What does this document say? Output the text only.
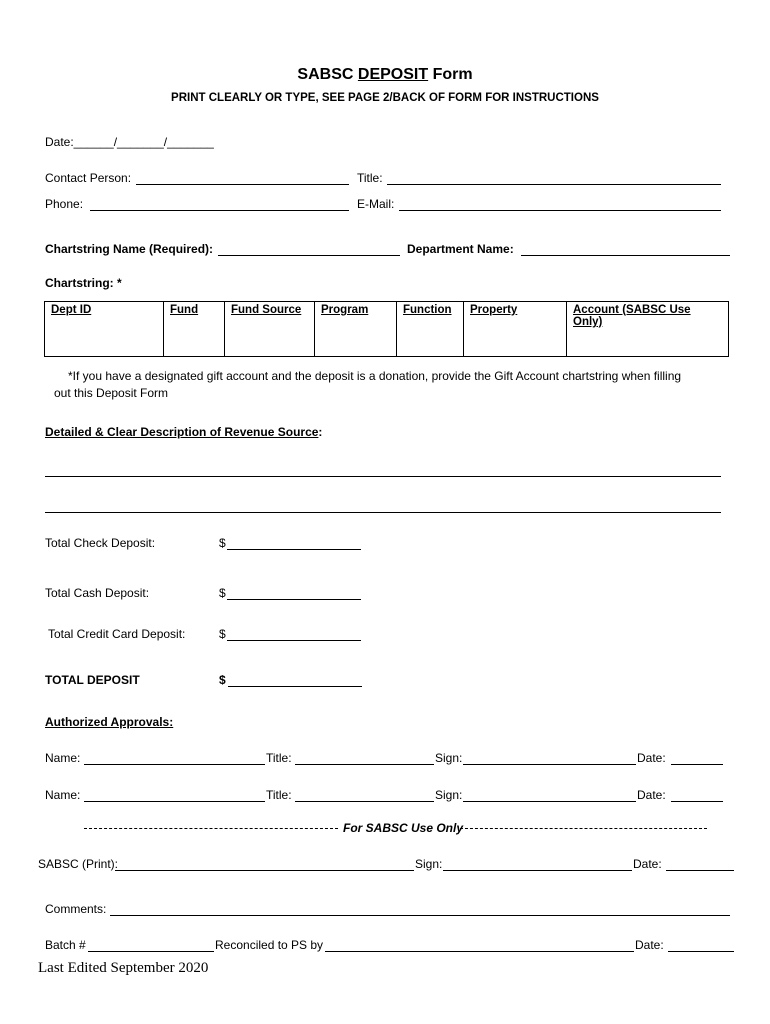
SABSC DEPOSIT Form
PRINT CLEARLY OR TYPE, SEE PAGE 2/BACK OF FORM FOR INSTRUCTIONS
Date:______/_______/_______
Contact Person:	Title:
Phone:	E-Mail:
Chartstring Name (Required):	Department Name:
Chartstring: *
Dept ID	Fund	Fund Source	Program	Function	Property	Account (SABSC Use Only)
*If you have a designated gift account and the deposit is a donation, provide the Gift Account chartstring when filling
out this Deposit Form
Detailed & Clear Description of Revenue Source:
Total Check Deposit:	$
Total Cash Deposit:	$
Total Credit Card Deposit:	$
TOTAL DEPOSIT	$
Authorized Approvals:
Name:	Title:	Sign:	Date:
Name:	Title:	Sign:	Date:
For SABSC Use Only
SABSC (Print):	Sign:	Date:
Comments:
Batch #	Reconciled to PS by	Date:
Last Edited September 2020
